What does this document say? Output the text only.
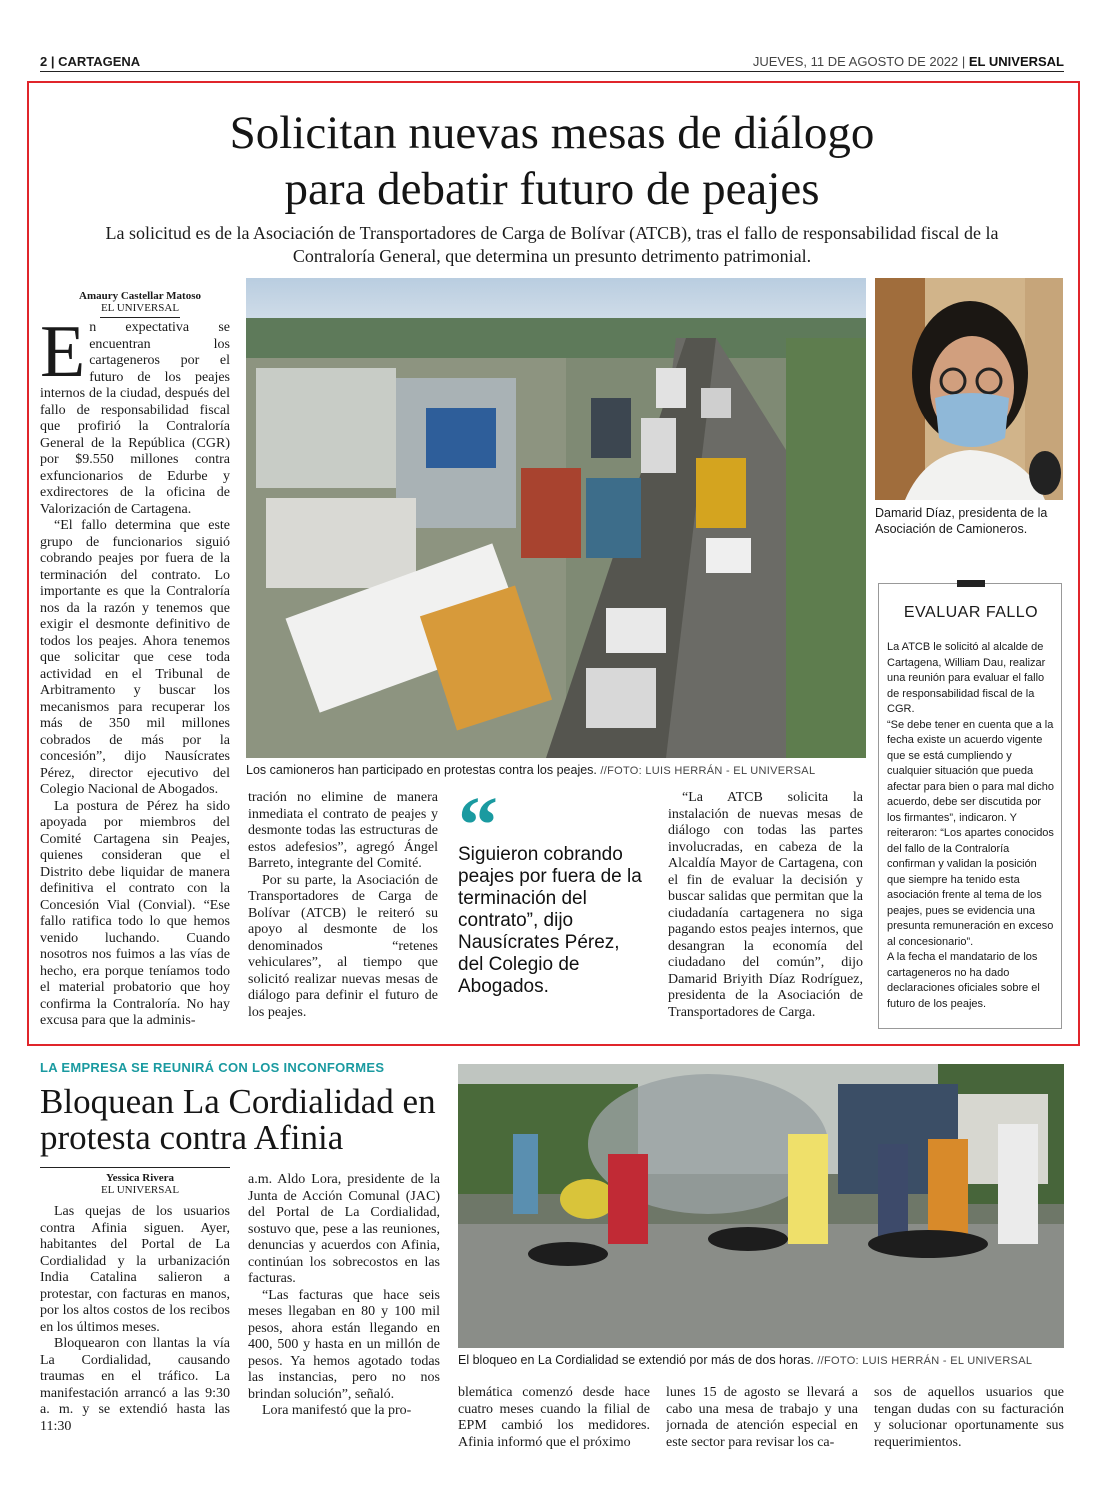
2 | CARTAGENA	JUEVES, 11 DE AGOSTO DE 2022 | EL UNIVERSAL
Solicitan nuevas mesas de diálogo
para debatir futuro de peajes
La solicitud es de la Asociación de Transportadores de Carga de Bolívar (ATCB), tras el fallo de responsabilidad fiscal de la Contraloría General, que determina un presunto detrimento patrimonial.
Amaury Castellar Matoso
EL UNIVERSAL

En expectativa se encuentran los cartageneros por el futuro de los peajes internos de la ciudad, después del fallo de responsabilidad fiscal que profirió la Contraloría General de la República (CGR) por $9.550 millones contra exfuncionarios de Edurbe y exdirectores de la oficina de Valorización de Cartagena.

“El fallo determina que este grupo de funcionarios siguió cobrando peajes por fuera de la terminación del contrato. Lo importante es que la Contraloría nos da la razón y tenemos que exigir el desmonte definitivo de todos los peajes. Ahora tenemos que solicitar que cese toda actividad en el Tribunal de Arbitramento y buscar los mecanismos para recuperar los más de 350 mil millones cobrados de más por la concesión”, dijo Nausícrates Pérez, director ejecutivo del Colegio Nacional de Abogados.

La postura de Pérez ha sido apoyada por miembros del Comité Cartagena sin Peajes, quienes consideran que el Distrito debe liquidar de manera definitiva el contrato con la Concesión Vial (Convial). “Ese fallo ratifica todo lo que hemos venido luchando. Cuando nosotros nos fuimos a las vías de hecho, era porque teníamos todo el material probatorio que hoy confirma la Contraloría. No hay excusa para que la adminis-

Los camioneros han participado en protestas contra los peajes. //FOTO: LUIS HERRÁN - EL UNIVERSAL
Damarid Díaz, presidenta de la Asociación de Camioneros.

tración no elimine de manera inmediata el contrato de peajes y desmonte todas las estructuras de estos adefesios”, agregó Ángel Barreto, integrante del Comité.

Por su parte, la Asociación de Transportadores de Carga de Bolívar (ATCB) le reiteró su apoyo al desmonte de los denominados “retenes vehiculares”, al tiempo que solicitó realizar nuevas mesas de diálogo para definir el futuro de los peajes.

“
Siguieron cobrando peajes por fuera de la terminación del contrato”, dijo Nausícrates Pérez, del Colegio de Abogados.

“La ATCB solicita la instalación de nuevas mesas de diálogo con todas las partes involucradas, en cabeza de la Alcaldía Mayor de Cartagena, con el fin de evaluar la decisión y buscar salidas que permitan que la ciudadanía cartagenera no siga pagando estos peajes internos, que desangran la economía del ciudadano del común”, dijo Damarid Briyith Díaz Rodríguez, presidenta de la Asociación de Transportadores de Carga.

EVALUAR FALLO

La ATCB le solicitó al alcalde de Cartagena, William Dau, realizar una reunión para evaluar el fallo de responsabilidad fiscal de la CGR.

“Se debe tener en cuenta que a la fecha existe un acuerdo vigente que se está cumpliendo y cualquier situación que pueda afectar para bien o para mal dicho acuerdo, debe ser discutida por los firmantes”, indicaron. Y reiteraron: “Los apartes conocidos del fallo de la Contraloría confirman y validan la posición que siempre ha tenido esta asociación frente al tema de los peajes, pues se evidencia una presunta remuneración en exceso al concesionario”.

A la fecha el mandatario de los cartageneros no ha dado declaraciones oficiales sobre el futuro de los peajes.

LA EMPRESA SE REUNIRÁ CON LOS INCONFORMES
Bloquean La Cordialidad en protesta contra Afinia
Yessica Rivera
EL UNIVERSAL

Las quejas de los usuarios contra Afinia siguen. Ayer, habitantes del Portal de La Cordialidad y la urbanización India Catalina salieron a protestar, con facturas en manos, por los altos costos de los recibos en los últimos meses.

Bloquearon con llantas la vía La Cordialidad, causando traumas en el tráfico. La manifestación arrancó a las 9:30 a. m. y se extendió hasta las 11:30

a.m. Aldo Lora, presidente de la Junta de Acción Comunal (JAC) del Portal de La Cordialidad, sostuvo que, pese a las reuniones, denuncias y acuerdos con Afinia, continúan los sobrecostos en las facturas.

“Las facturas que hace seis meses llegaban en 80 y 100 mil pesos, ahora están llegando en 400, 500 y hasta en un millón de pesos. Ya hemos agotado todas las instancias, pero no nos brindan solución”, señaló.

Lora manifestó que la pro-

El bloqueo en La Cordialidad se extendió por más de dos horas. //FOTO: LUIS HERRÁN - EL UNIVERSAL

blemática comenzó desde hace cuatro meses cuando la filial de EPM cambió los medidores. Afinia informó que el próximo

lunes 15 de agosto se llevará a cabo una mesa de trabajo y una jornada de atención especial en este sector para revisar los ca-

sos de aquellos usuarios que tengan dudas con su facturación y solucionar oportunamente sus requerimientos.
